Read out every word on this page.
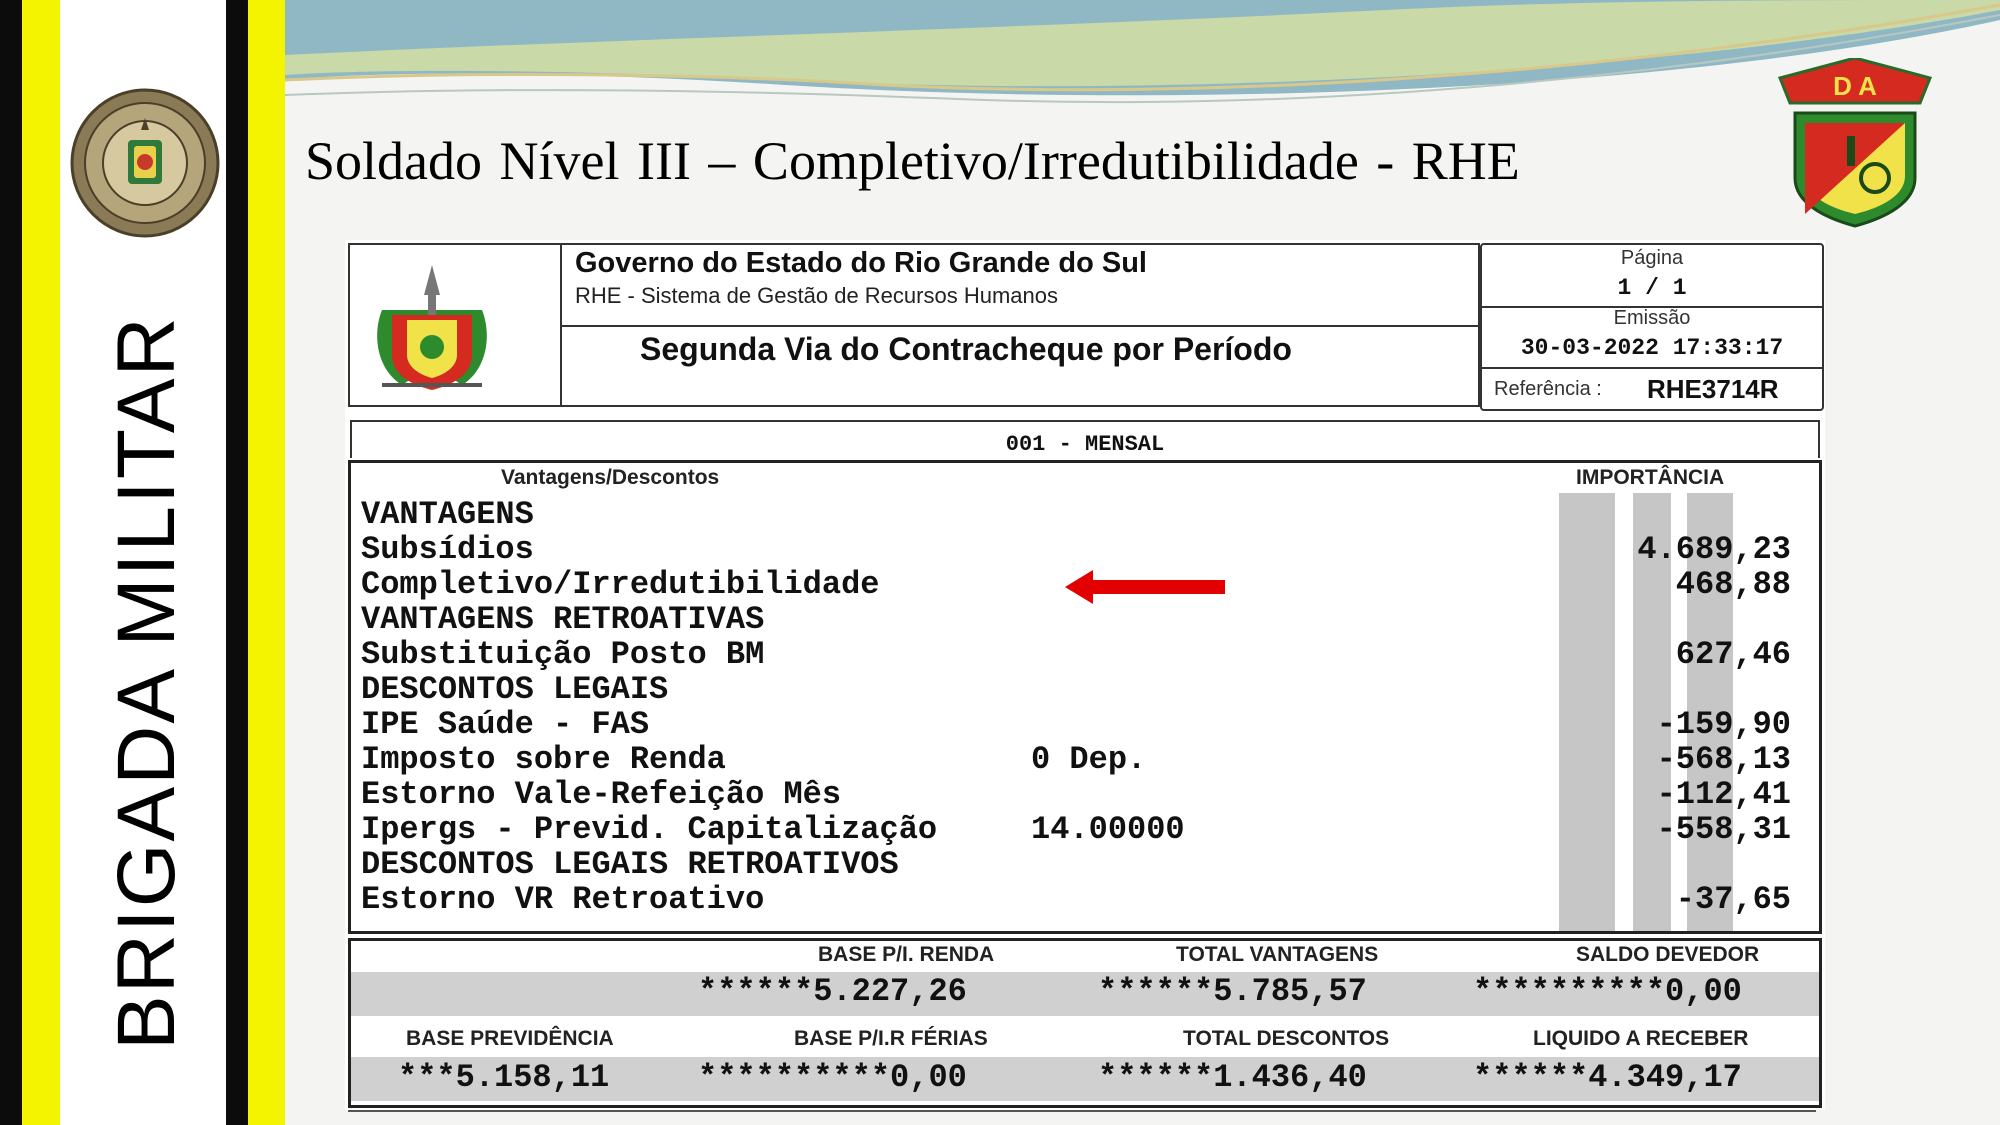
BRIGADA MILITAR
Soldado Nível III – Completivo/Irredutibilidade - RHE
D A
Governo do Estado do Rio Grande do Sul
RHE - Sistema de Gestão de Recursos Humanos
Segunda Via do Contracheque por Período
Página
1 / 1
Emissão
30-03-2022 17:33:17
Referência : RHE3714R
001 - MENSAL
Vantagens/Descontos	IMPORTÂNCIA
VANTAGENS
Subsídios	4.689,23
Completivo/Irredutibilidade	468,88
VANTAGENS RETROATIVAS
Substituição Posto BM	627,46
DESCONTOS LEGAIS
IPE Saúde - FAS	-159,90
Imposto sobre Renda	0 Dep.	-568,13
Estorno Vale-Refeição Mês	-112,41
Ipergs - Previd. Capitalização	14.00000	-558,31
DESCONTOS LEGAIS RETROATIVOS
Estorno VR Retroativo	-37,65
BASE P/I. RENDA	TOTAL VANTAGENS	SALDO DEVEDOR
******5.227,26	******5.785,57	**********0,00
BASE PREVIDÊNCIA	BASE P/I.R FÉRIAS	TOTAL DESCONTOS	LIQUIDO A RECEBER
***5.158,11	**********0,00	******1.436,40	******4.349,17
